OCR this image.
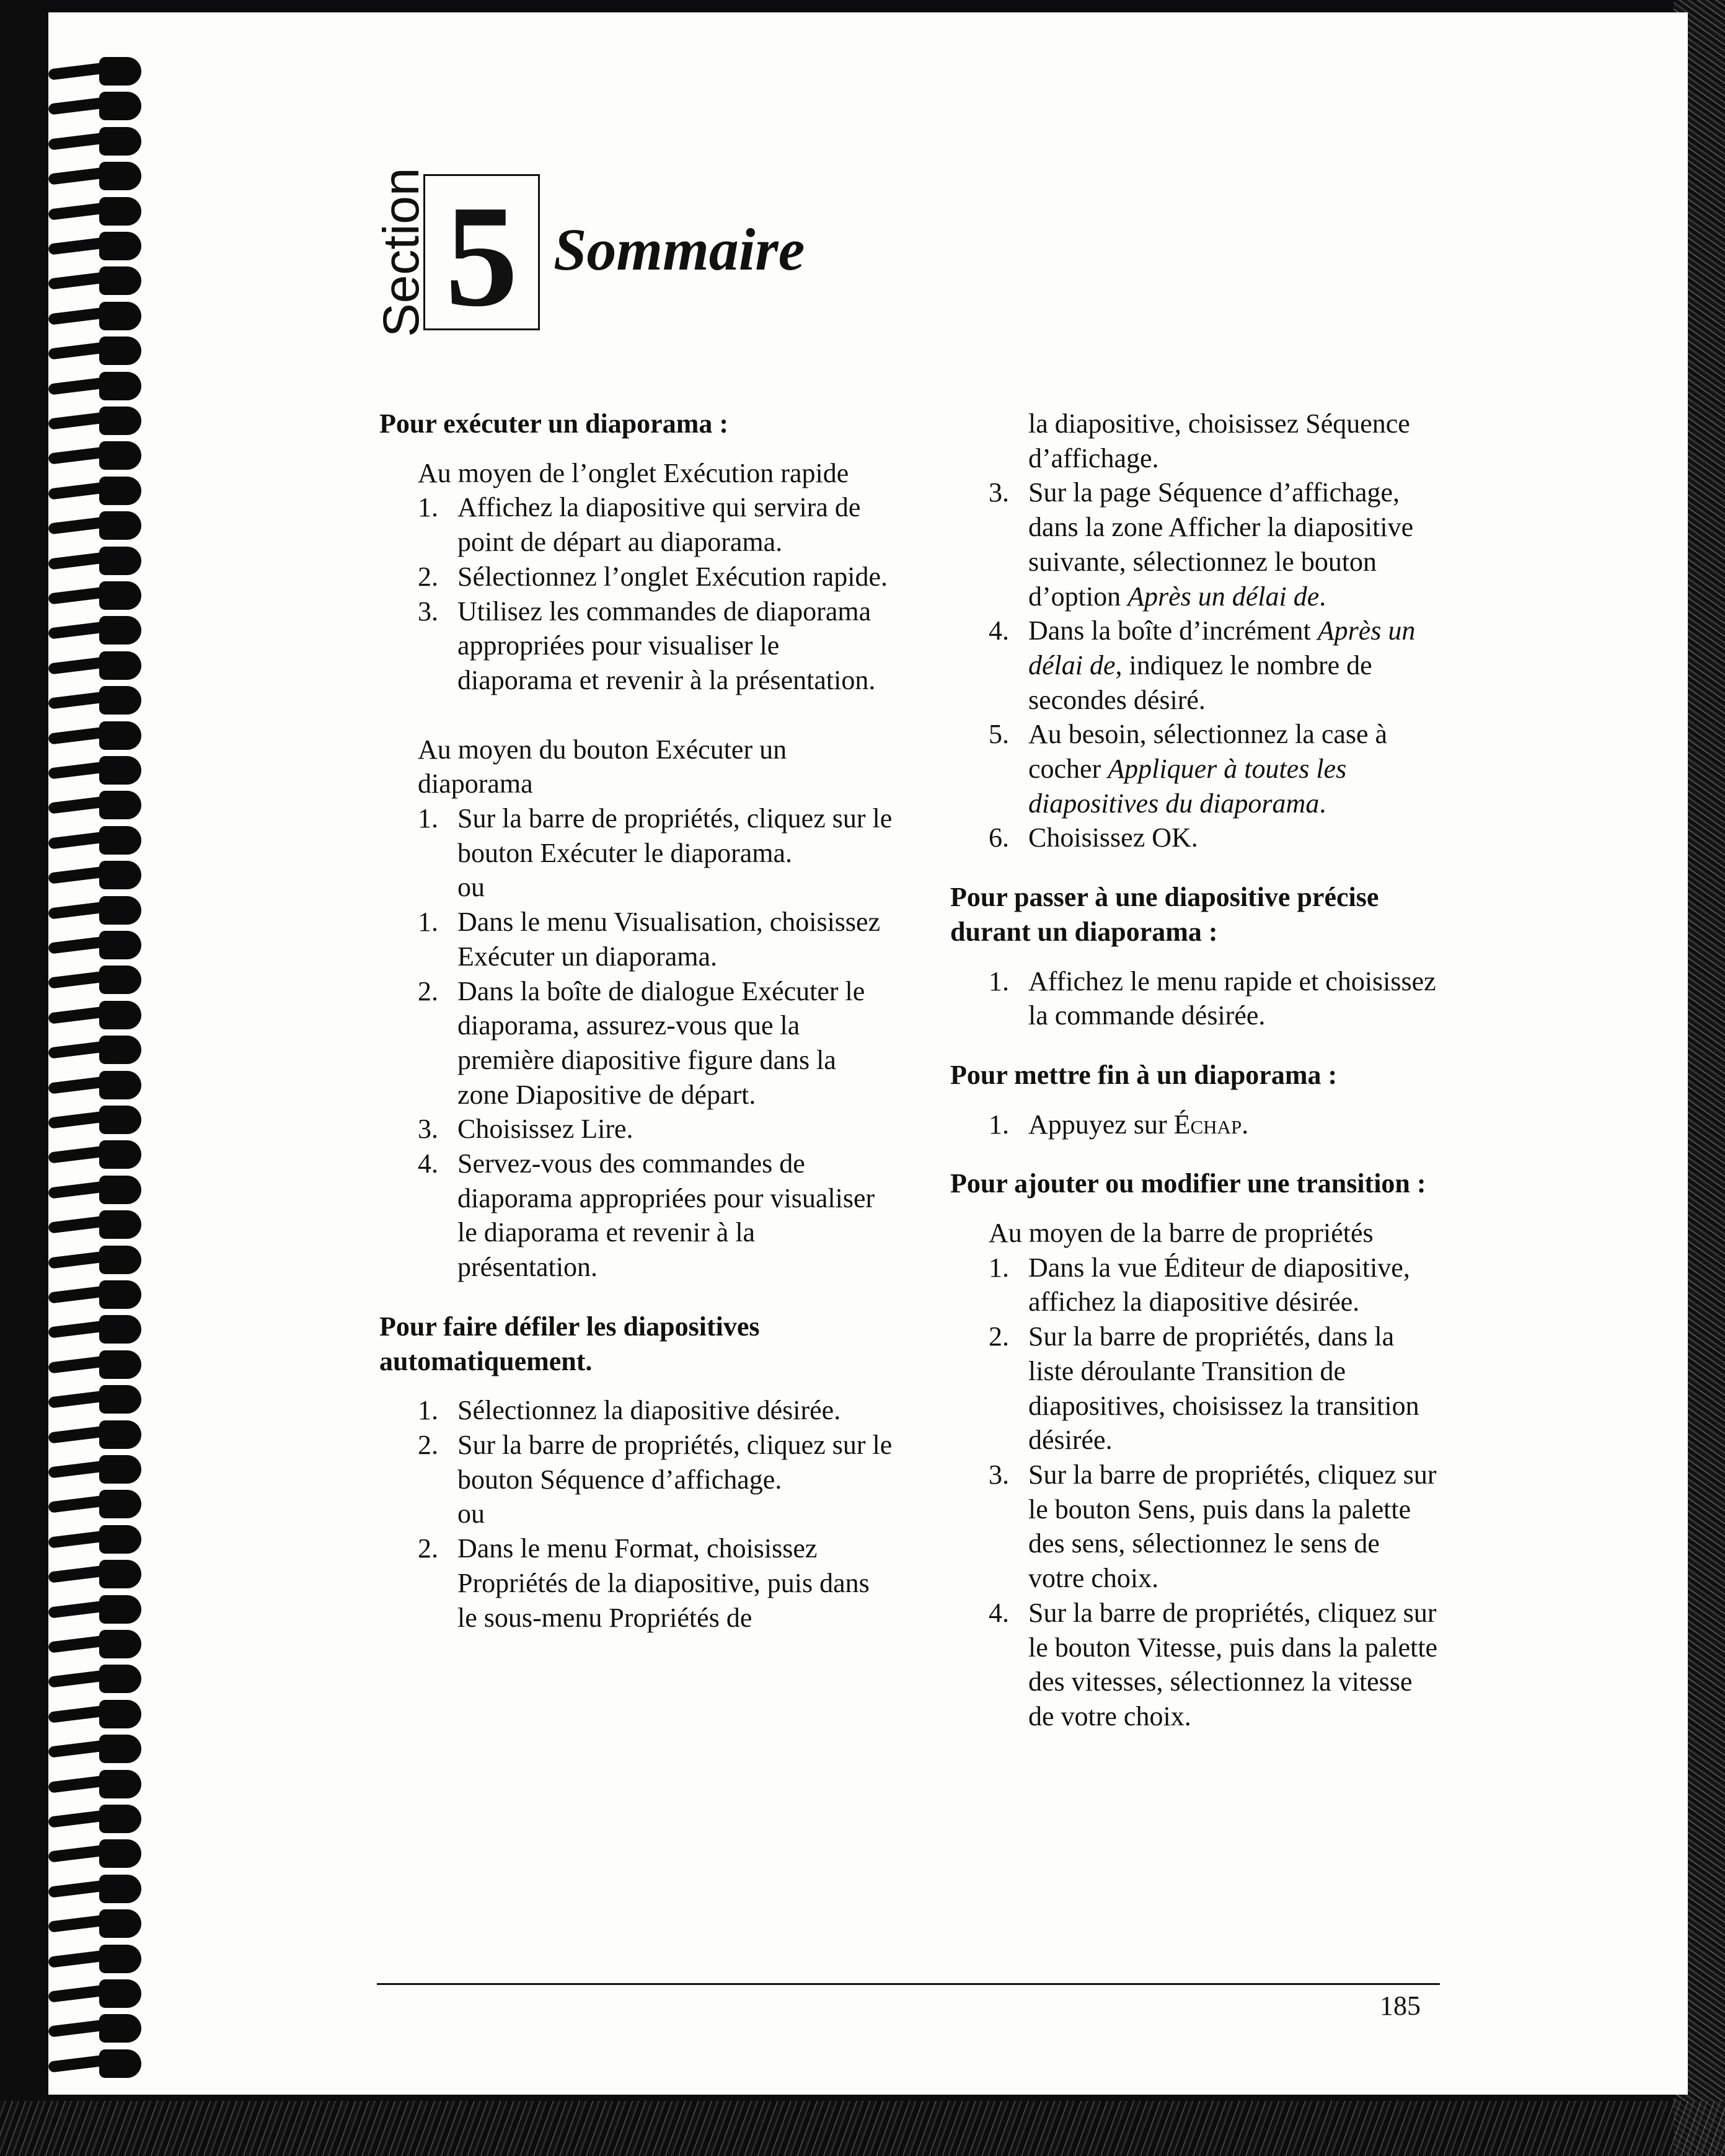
Section 5 Sommaire
Pour exécuter un diaporama :

Au moyen de l’onglet Exécution rapide

1. Affichez la diapositive qui servira de point de départ au diaporama.
2. Sélectionnez l’onglet Exécution rapide.
3. Utilisez les commandes de diaporama appropriées pour visualiser le diaporama et revenir à la présentation.

Au moyen du bouton Exécuter un diaporama

1. Sur la barre de propriétés, cliquez sur le bouton Exécuter le diaporama.
ou
1. Dans le menu Visualisation, choisissez Exécuter un diaporama.
2. Dans la boîte de dialogue Exécuter le diaporama, assurez-vous que la première diapositive figure dans la zone Diapositive de départ.
3. Choisissez Lire.
4. Servez-vous des commandes de diaporama appropriées pour visualiser le diaporama et revenir à la présentation.
Pour faire défiler les diapositives automatiquement.
1. Sélectionnez la diapositive désirée.
2. Sur la barre de propriétés, cliquez sur le bouton Séquence d’affichage.
ou
2. Dans le menu Format, choisissez Propriétés de la diapositive, puis dans le sous-menu Propriétés de
la diapositive, choisissez Séquence d’affichage.
3. Sur la page Séquence d’affichage, dans la zone Afficher la diapositive suivante, sélectionnez le bouton d’option Après un délai de.
4. Dans la boîte d’incrément Après un délai de, indiquez le nombre de secondes désiré.
5. Au besoin, sélectionnez la case à cocher Appliquer à toutes les diapositives du diaporama.
6. Choisissez OK.
Pour passer à une diapositive précise durant un diaporama :
1. Affichez le menu rapide et choisissez la commande désirée.
Pour mettre fin à un diaporama :
1. Appuyez sur Échap.
Pour ajouter ou modifier une transition :

Au moyen de la barre de propriétés

1. Dans la vue Éditeur de diapositive, affichez la diapositive désirée.
2. Sur la barre de propriétés, dans la liste déroulante Transition de diapositives, choisissez la transition désirée.
3. Sur la barre de propriétés, cliquez sur le bouton Sens, puis dans la palette des sens, sélectionnez le sens de votre choix.
4. Sur la barre de propriétés, cliquez sur le bouton Vitesse, puis dans la palette des vitesses, sélectionnez la vitesse de votre choix.
185
